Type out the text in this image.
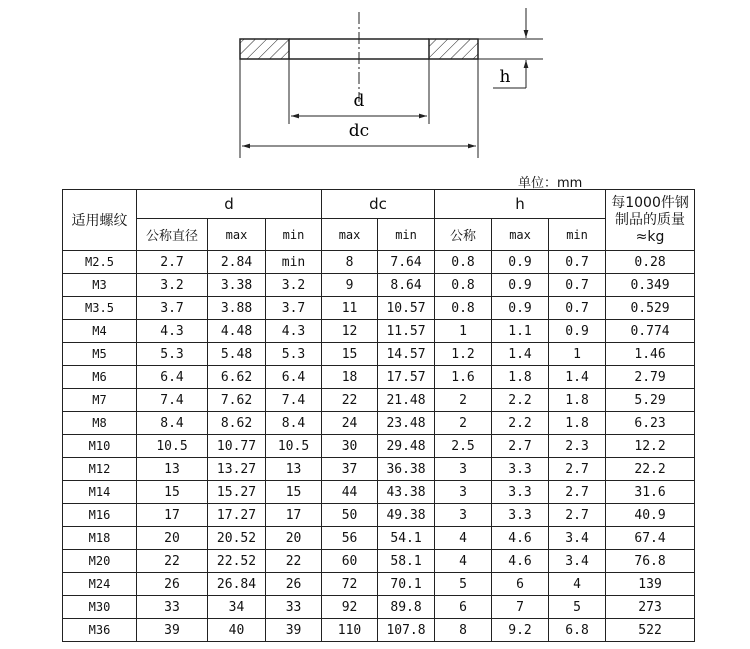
d
dc
h
单位：mm
适用螺纹	d			dc		h			每1000件钢制品的质量≈kg
	公称直径	max	min	max	min	公称	max	min	
M2.5	2.7	2.84	min	8	7.64	0.8	0.9	0.7	0.28
M3	3.2	3.38	3.2	9	8.64	0.8	0.9	0.7	0.349
M3.5	3.7	3.88	3.7	11	10.57	0.8	0.9	0.7	0.529
M4	4.3	4.48	4.3	12	11.57	1	1.1	0.9	0.774
M5	5.3	5.48	5.3	15	14.57	1.2	1.4	1	1.46
M6	6.4	6.62	6.4	18	17.57	1.6	1.8	1.4	2.79
M7	7.4	7.62	7.4	22	21.48	2	2.2	1.8	5.29
M8	8.4	8.62	8.4	24	23.48	2	2.2	1.8	6.23
M10	10.5	10.77	10.5	30	29.48	2.5	2.7	2.3	12.2
M12	13	13.27	13	37	36.38	3	3.3	2.7	22.2
M14	15	15.27	15	44	43.38	3	3.3	2.7	31.6
M16	17	17.27	17	50	49.38	3	3.3	2.7	40.9
M18	20	20.52	20	56	54.1	4	4.6	3.4	67.4
M20	22	22.52	22	60	58.1	4	4.6	3.4	76.8
M24	26	26.84	26	72	70.1	5	6	4	139
M30	33	34	33	92	89.8	6	7	5	273
M36	39	40	39	110	107.8	8	9.2	6.8	522
